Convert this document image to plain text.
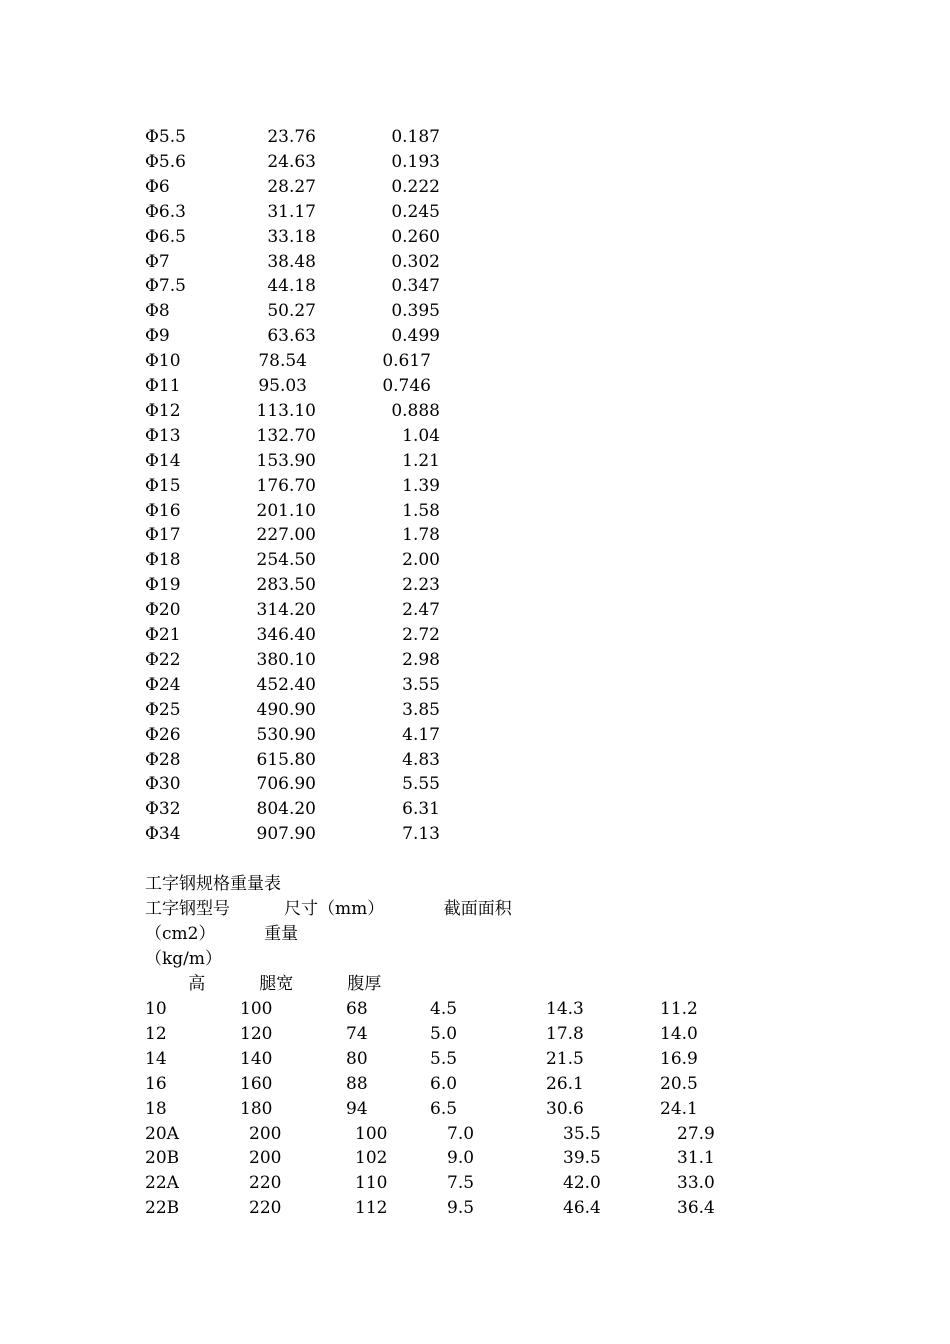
Φ5.5	23.76	0.187
Φ5.6	24.63	0.193
Φ6	28.27	0.222
Φ6.3	31.17	0.245
Φ6.5	33.18	0.260
Φ7	38.48	0.302
Φ7.5	44.18	0.347
Φ8	50.27	0.395
Φ9	63.63	0.499
Φ10	78.54	0.617
Φ11	95.03	0.746
Φ12	113.10	0.888
Φ13	132.70	1.04
Φ14	153.90	1.21
Φ15	176.70	1.39
Φ16	201.10	1.58
Φ17	227.00	1.78
Φ18	254.50	2.00
Φ19	283.50	2.23
Φ20	314.20	2.47
Φ21	346.40	2.72
Φ22	380.10	2.98
Φ24	452.40	3.55
Φ25	490.90	3.85
Φ26	530.90	4.17
Φ28	615.80	4.83
Φ30	706.90	5.55
Φ32	804.20	6.31
Φ34	907.90	7.13
工字钢规格重量表
工字钢型号          尺寸（mm）           截面面积
（cm2）         重量
（kg/m）
高          腿宽          腹厚
10	100	68	4.5	14.3	11.2
12	120	74	5.0	17.8	14.0
14	140	80	5.5	21.5	16.9
16	160	88	6.0	26.1	20.5
18	180	94	6.5	30.6	24.1
20A	200	100	7.0	35.5	27.9
20B	200	102	9.0	39.5	31.1
22A	220	110	7.5	42.0	33.0
22B	220	112	9.5	46.4	36.4
